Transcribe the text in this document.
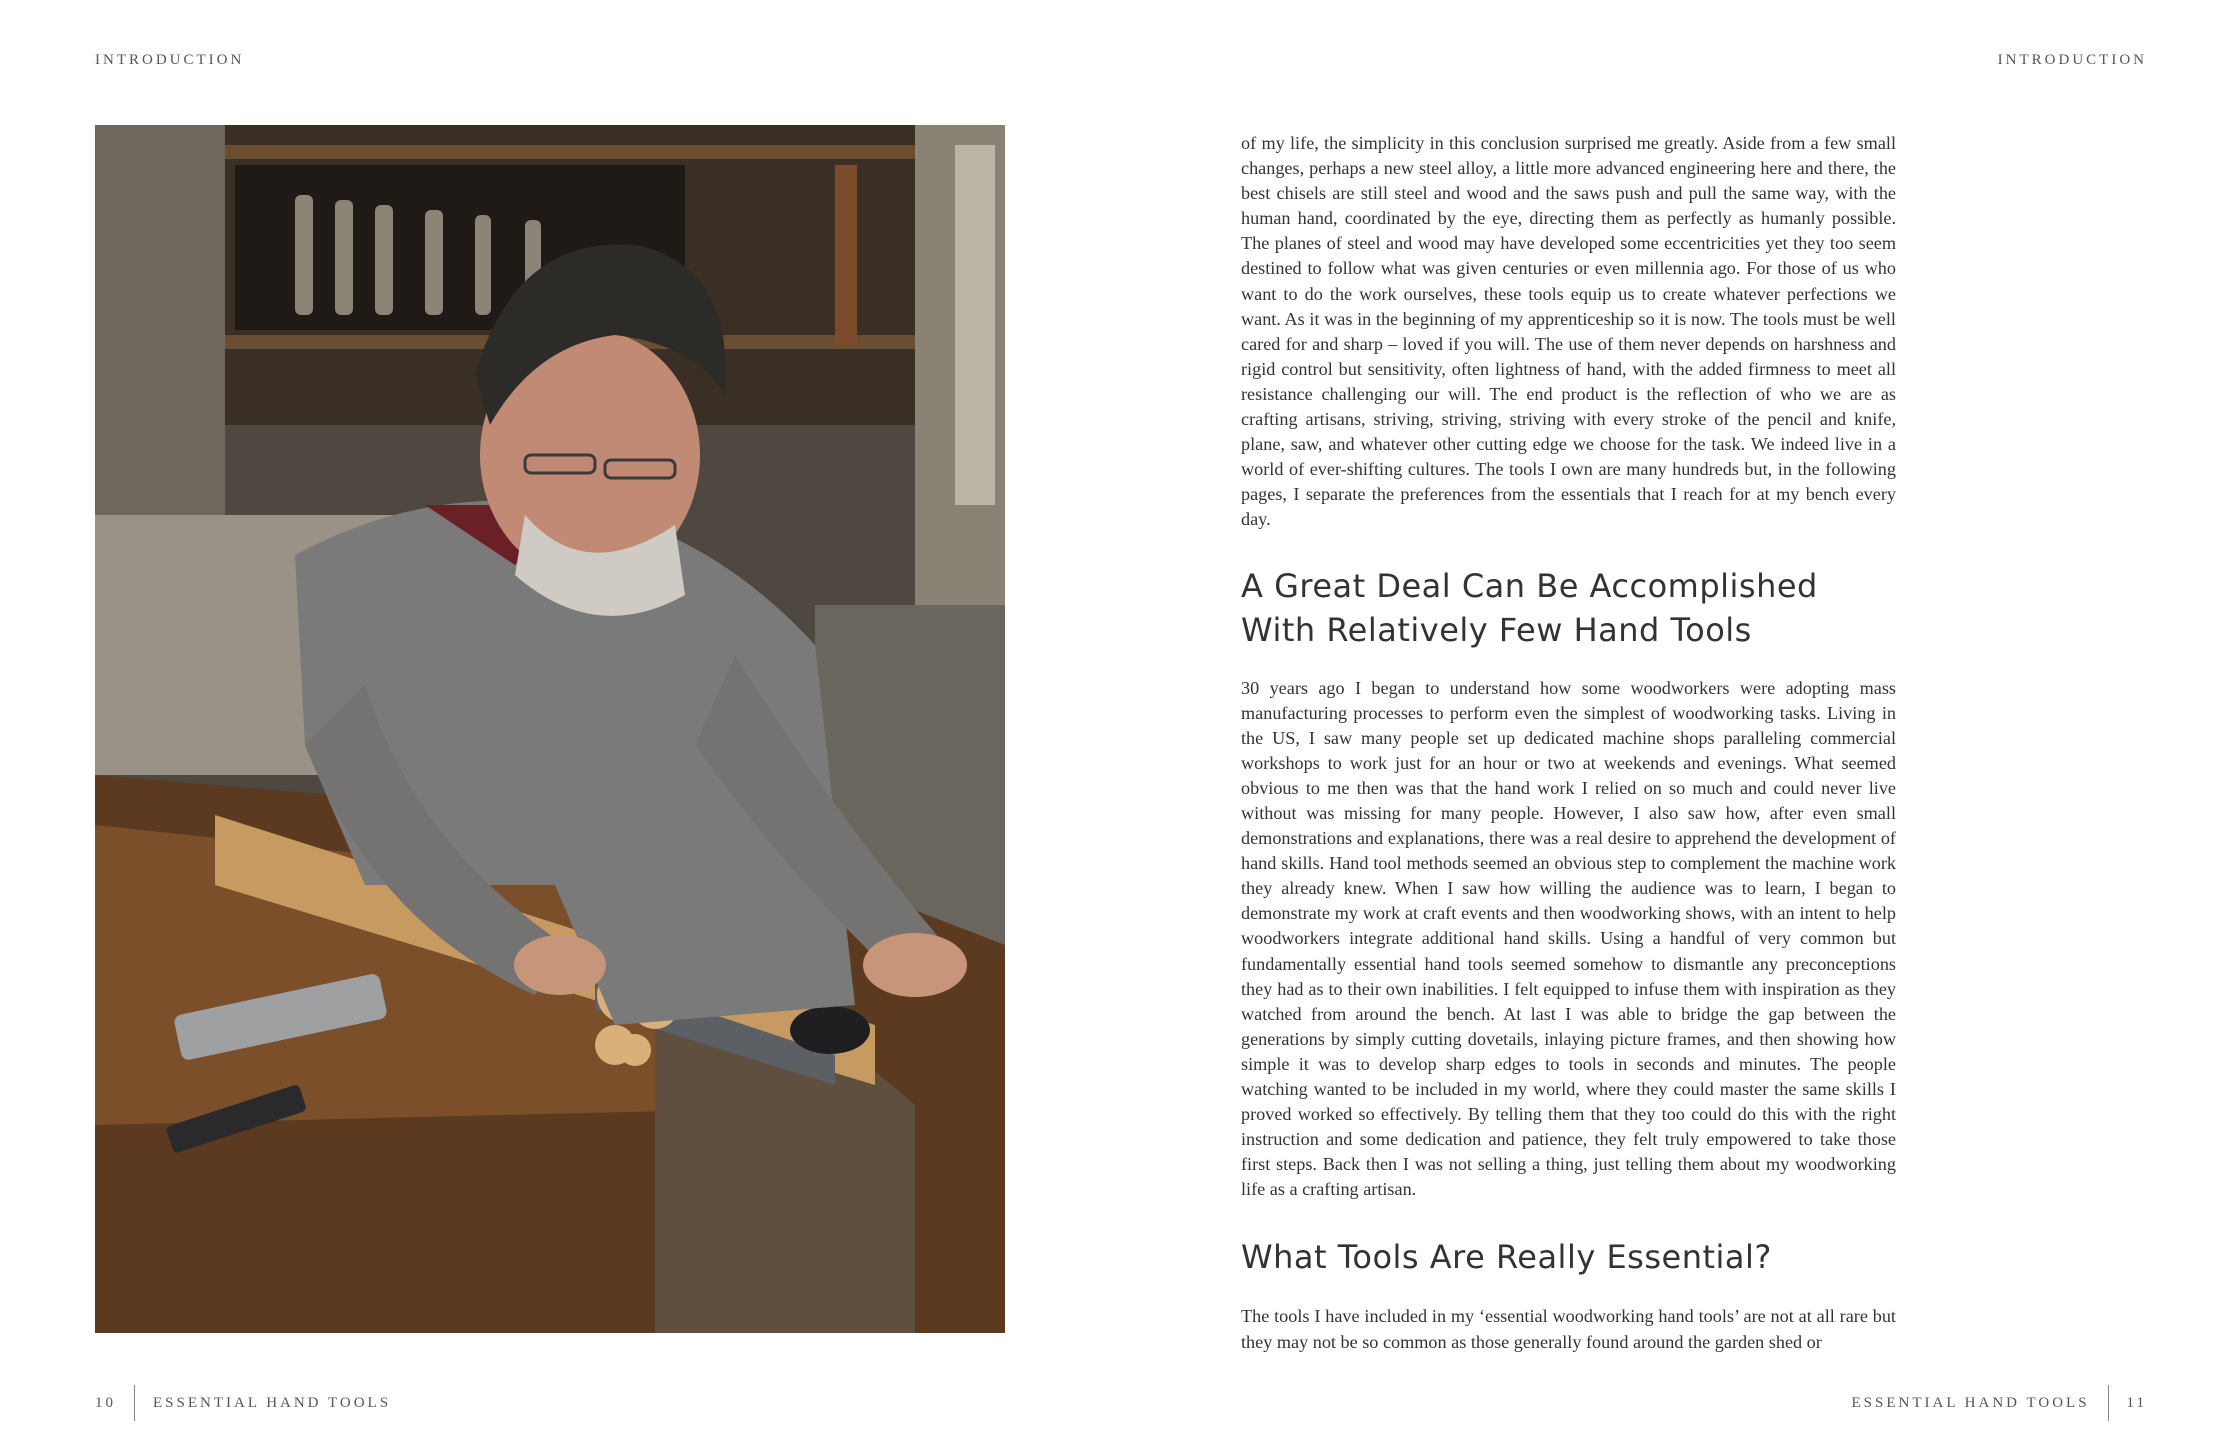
INTRODUCTION	INTRODUCTION

of my life, the simplicity in this conclusion surprised me greatly. Aside from a few small changes, perhaps a new steel alloy, a little more advanced engineering here and there, the best chisels are still steel and wood and the saws push and pull the same way, with the human hand, coordinated by the eye, directing them as perfectly as humanly possible. The planes of steel and wood may have developed some eccentricities yet they too seem destined to follow what was given centuries or even millennia ago. For those of us who want to do the work ourselves, these tools equip us to create whatever perfections we want. As it was in the beginning of my apprenticeship so it is now. The tools must be well cared for and sharp – loved if you will. The use of them never depends on harshness and rigid control but sensitivity, often lightness of hand, with the added firmness to meet all resistance challenging our will. The end product is the reflection of who we are as crafting artisans, striving, striving, striving with every stroke of the pencil and knife, plane, saw, and whatever other cutting edge we choose for the task. We indeed live in a world of ever-shifting cultures. The tools I own are many hundreds but, in the following pages, I separate the preferences from the essentials that I reach for at my bench every day.

A Great Deal Can Be Accomplished With Relatively Few Hand Tools

30 years ago I began to understand how some woodworkers were adopting mass manufacturing processes to perform even the simplest of woodworking tasks. Living in the US, I saw many people set up dedicated machine shops paralleling commercial workshops to work just for an hour or two at weekends and evenings. What seemed obvious to me then was that the hand work I relied on so much and could never live without was missing for many people. However, I also saw how, after even small demonstrations and explanations, there was a real desire to apprehend the development of hand skills. Hand tool methods seemed an obvious step to complement the machine work they already knew. When I saw how willing the audience was to learn, I began to demonstrate my work at craft events and then woodworking shows, with an intent to help woodworkers integrate additional hand skills. Using a handful of very common but fundamentally essential hand tools seemed somehow to dismantle any preconceptions they had as to their own inabilities. I felt equipped to infuse them with inspiration as they watched from around the bench. At last I was able to bridge the gap between the generations by simply cutting dovetails, inlaying picture frames, and then showing how simple it was to develop sharp edges to tools in seconds and minutes. The people watching wanted to be included in my world, where they could master the same skills I proved worked so effectively. By telling them that they too could do this with the right instruction and some dedication and patience, they felt truly empowered to take those first steps. Back then I was not selling a thing, just telling them about my woodworking life as a crafting artisan.

What Tools Are Really Essential?

The tools I have included in my ‘essential woodworking hand tools’ are not at all rare but they may not be so common as those generally found around the garden shed or

10 ESSENTIAL HAND TOOLS	ESSENTIAL HAND TOOLS 11
